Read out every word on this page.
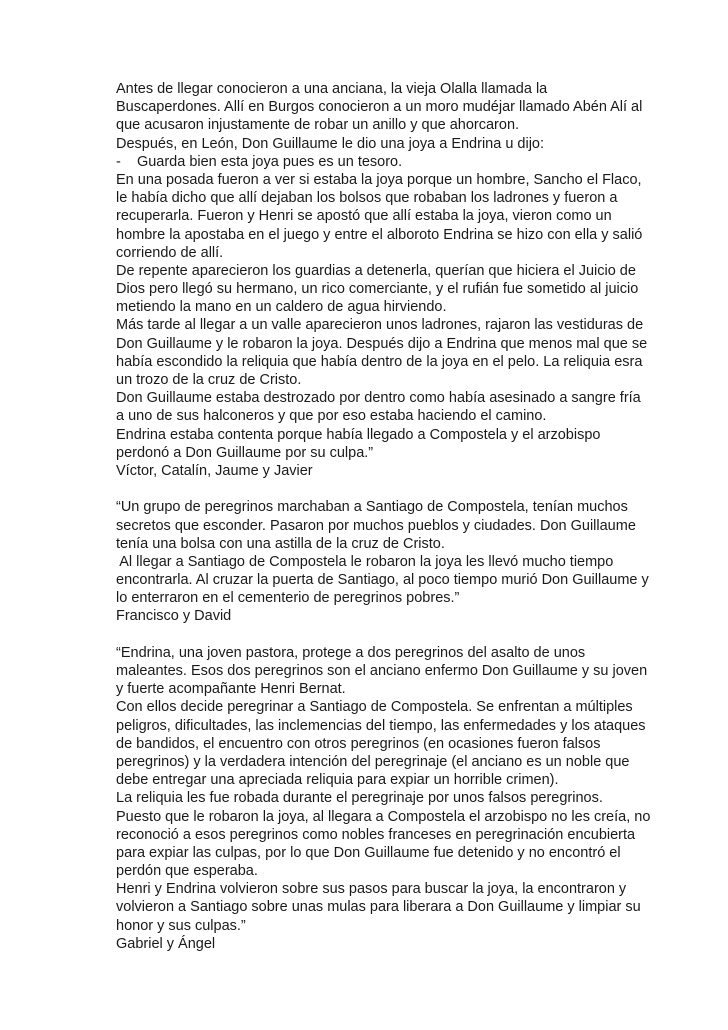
Antes de llegar conocieron a una anciana, la vieja Olalla llamada la
Buscaperdones. Allí en Burgos conocieron a un moro mudéjar llamado Abén Alí al
que acusaron injustamente de robar un anillo y que ahorcaron.
Después, en León, Don Guillaume le dio una joya a Endrina u dijo:
-    Guarda bien esta joya pues es un tesoro.
En una posada fueron a ver si estaba la joya porque un hombre, Sancho el Flaco,
le había dicho que allí dejaban los bolsos que robaban los ladrones y fueron a
recuperarla. Fueron y Henri se apostó que allí estaba la joya, vieron como un
hombre la apostaba en el juego y entre el alboroto Endrina se hizo con ella y salió
corriendo de allí.
De repente aparecieron los guardias a detenerla, querían que hiciera el Juicio de
Dios pero llegó su hermano, un rico comerciante, y el rufián fue sometido al juicio
metiendo la mano en un caldero de agua hirviendo.
Más tarde al llegar a un valle aparecieron unos ladrones, rajaron las vestiduras de
Don Guillaume y le robaron la joya. Después dijo a Endrina que menos mal que se
había escondido la reliquia que había dentro de la joya en el pelo. La reliquia esra
un trozo de la cruz de Cristo.
Don Guillaume estaba destrozado por dentro como había asesinado a sangre fría
a uno de sus halconeros y que por eso estaba haciendo el camino.
Endrina estaba contenta porque había llegado a Compostela y el arzobispo
perdonó a Don Guillaume por su culpa.”
Víctor, Catalín, Jaume y Javier
“Un grupo de peregrinos marchaban a Santiago de Compostela, tenían muchos
secretos que esconder. Pasaron por muchos pueblos y ciudades. Don Guillaume
tenía una bolsa con una astilla de la cruz de Cristo.
Al llegar a Santiago de Compostela le robaron la joya les llevó mucho tiempo
encontrarla. Al cruzar la puerta de Santiago, al poco tiempo murió Don Guillaume y
lo enterraron en el cementerio de peregrinos pobres.”
Francisco y David
“Endrina, una joven pastora, protege a dos peregrinos del asalto de unos
maleantes. Esos dos peregrinos son el anciano enfermo Don Guillaume y su joven
y fuerte acompañante Henri Bernat.
Con ellos decide peregrinar a Santiago de Compostela. Se enfrentan a múltiples
peligros, dificultades, las inclemencias del tiempo, las enfermedades y los ataques
de bandidos, el encuentro con otros peregrinos (en ocasiones fueron falsos
peregrinos) y la verdadera intención del peregrinaje (el anciano es un noble que
debe entregar una apreciada reliquia para expiar un horrible crimen).
La reliquia les fue robada durante el peregrinaje por unos falsos peregrinos.
Puesto que le robaron la joya, al llegara a Compostela el arzobispo no les creía, no
reconoció a esos peregrinos como nobles franceses en peregrinación encubierta
para expiar las culpas, por lo que Don Guillaume fue detenido y no encontró el
perdón que esperaba.
Henri y Endrina volvieron sobre sus pasos para buscar la joya, la encontraron y
volvieron a Santiago sobre unas mulas para liberara a Don Guillaume y limpiar su
honor y sus culpas.”
Gabriel y Ángel
